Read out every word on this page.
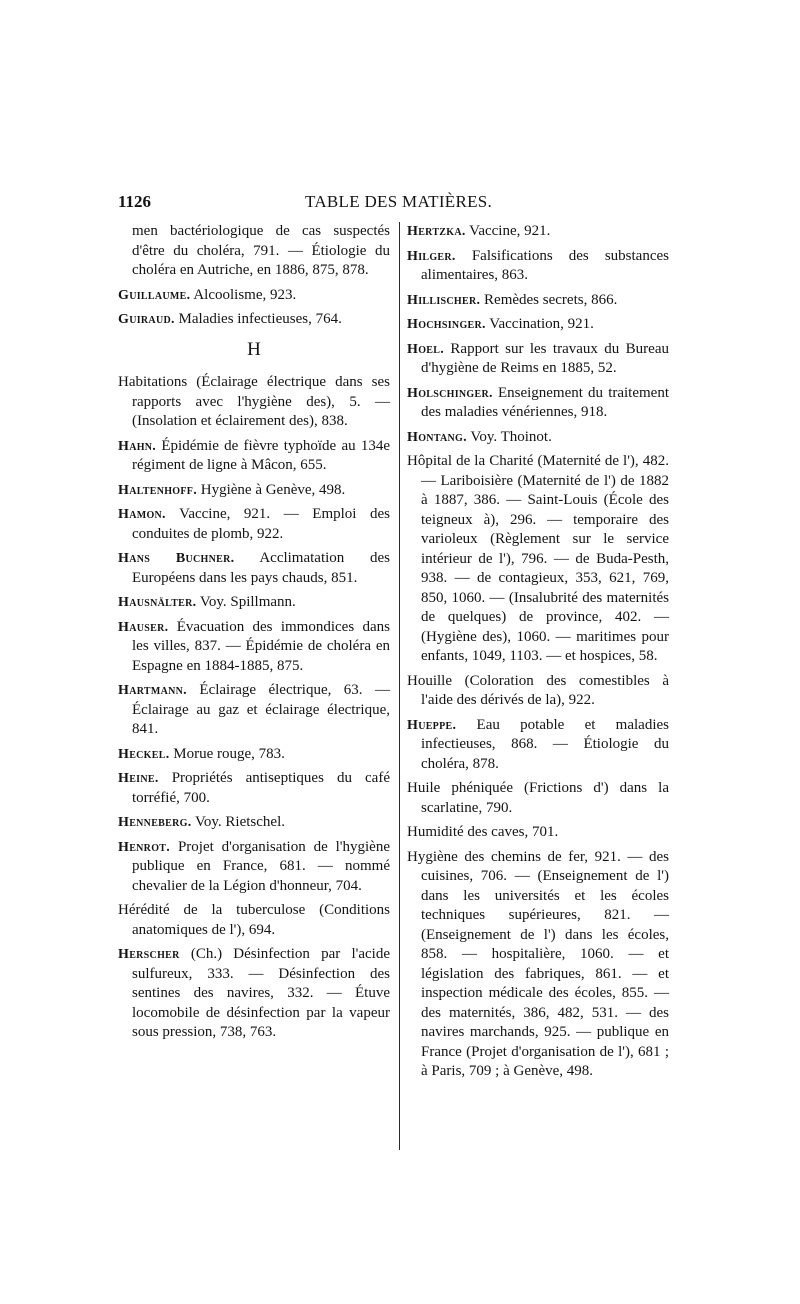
1126	TABLE DES MATIÈRES.
men bactériologique de cas suspectés d'être du choléra, 791. — Étiologie du choléra en Autriche, en 1886, 875, 878.
Guillaume. Alcoolisme, 923.
Guiraud. Maladies infectieuses, 764.
H
Habitations (Éclairage électrique dans ses rapports avec l'hygiène des), 5. — (Insolation et éclairement des), 838.
Hahn. Épidémie de fièvre typhoïde au 134e régiment de ligne à Mâcon, 655.
Haltenhoff. Hygiène à Genève, 498.
Hamon. Vaccine, 921. — Emploi des conduites de plomb, 922.
Hans Buchner. Acclimatation des Européens dans les pays chauds, 851.
Hausnälter. Voy. Spillmann.
Hauser. Évacuation des immondices dans les villes, 837. — Épidémie de choléra en Espagne en 1884-1885, 875.
Hartmann. Éclairage électrique, 63. — Éclairage au gaz et éclairage électrique, 841.
Heckel. Morue rouge, 783.
Heine. Propriétés antiseptiques du café torréfié, 700.
Henneberg. Voy. Rietschel.
Henrot. Projet d'organisation de l'hygiène publique en France, 681. — nommé chevalier de la Légion d'honneur, 704.
Hérédité de la tuberculose (Conditions anatomiques de l'), 694.
Herscher (Ch.) Désinfection par l'acide sulfureux, 333. — Désinfection des sentines des navires, 332. — Étuve locomobile de désinfection par la vapeur sous pression, 738, 763.
Hertzka. Vaccine, 921.
Hilger. Falsifications des substances alimentaires, 863.
Hillischer. Remèdes secrets, 866.
Hochsinger. Vaccination, 921.
Hoel. Rapport sur les travaux du Bureau d'hygiène de Reims en 1885, 52.
Holschinger. Enseignement du traitement des maladies vénériennes, 918.
Hontang. Voy. Thoinot.
Hôpital de la Charité (Maternité de l'), 482. — Lariboisière (Maternité de l') de 1882 à 1887, 386. — Saint-Louis (École des teigneux à), 296. — temporaire des varioleux (Règlement sur le service intérieur de l'), 796. — de Buda-Pesth, 938. — de contagieux, 353, 621, 769, 850, 1060. — (Insalubrité des maternités de quelques) de province, 402. — (Hygiène des), 1060. — maritimes pour enfants, 1049, 1103. — et hospices, 58.
Houille (Coloration des comestibles à l'aide des dérivés de la), 922.
Hueppe. Eau potable et maladies infectieuses, 868. — Étiologie du choléra, 878.
Huile phéniquée (Frictions d') dans la scarlatine, 790.
Humidité des caves, 701.
Hygiène des chemins de fer, 921. — des cuisines, 706. — (Enseignement de l') dans les universités et les écoles techniques supérieures, 821. — (Enseignement de l') dans les écoles, 858. — hospitalière, 1060. — et législation des fabriques, 861. — et inspection médicale des écoles, 855. — des maternités, 386, 482, 531. — des navires marchands, 925. — publique en France (Projet d'organisation de l'), 681 ; à Paris, 709 ; à Genève, 498.
